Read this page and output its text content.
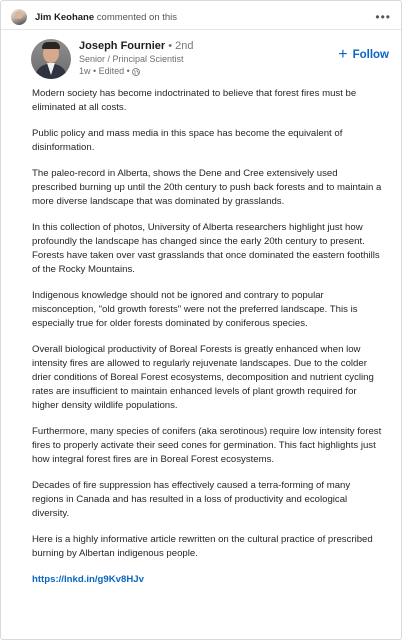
Jim Keohane commented on this	•••
Joseph Fournier • 2nd
Senior / Principal Scientist
1w • Edited •
+ Follow

Modern society has become indoctrinated to believe that forest fires must be eliminated at all costs.

Public policy and mass media in this space has become the equivalent of disinformation.

The paleo-record in Alberta, shows the Dene and Cree extensively used prescribed burning up until the 20th century to push back forests and to maintain a more diverse landscape that was dominated by grasslands.

In this collection of photos, University of Alberta researchers highlight just how profoundly the landscape has changed since the early 20th century to present. Forests have taken over vast grasslands that once dominated the eastern foothills of the Rocky Mountains.

Indigenous knowledge should not be ignored and contrary to popular misconception, "old growth forests" were not the preferred landscape. This is especially true for older forests dominated by coniferous species.

Overall biological productivity of Boreal Forests is greatly enhanced when low intensity fires are allowed to regularly rejuvenate landscapes. Due to the colder drier conditions of Boreal Forest ecosystems, decomposition and nutrient cycling rates are insufficient to maintain enhanced levels of plant growth required for higher density wildlife populations.

Furthermore, many species of conifers (aka serotinous) require low intensity forest fires to properly activate their seed cones for germination. This fact highlights just how integral forest fires are in Boreal Forest ecosystems.

Decades of fire suppression has effectively caused a terra-forming of many regions in Canada and has resulted in a loss of productivity and ecological diversity.

Here is a highly informative article rewritten on the cultural practice of prescribed burning by Albertan indigenous people.

https://lnkd.in/g9Kv8HJv
